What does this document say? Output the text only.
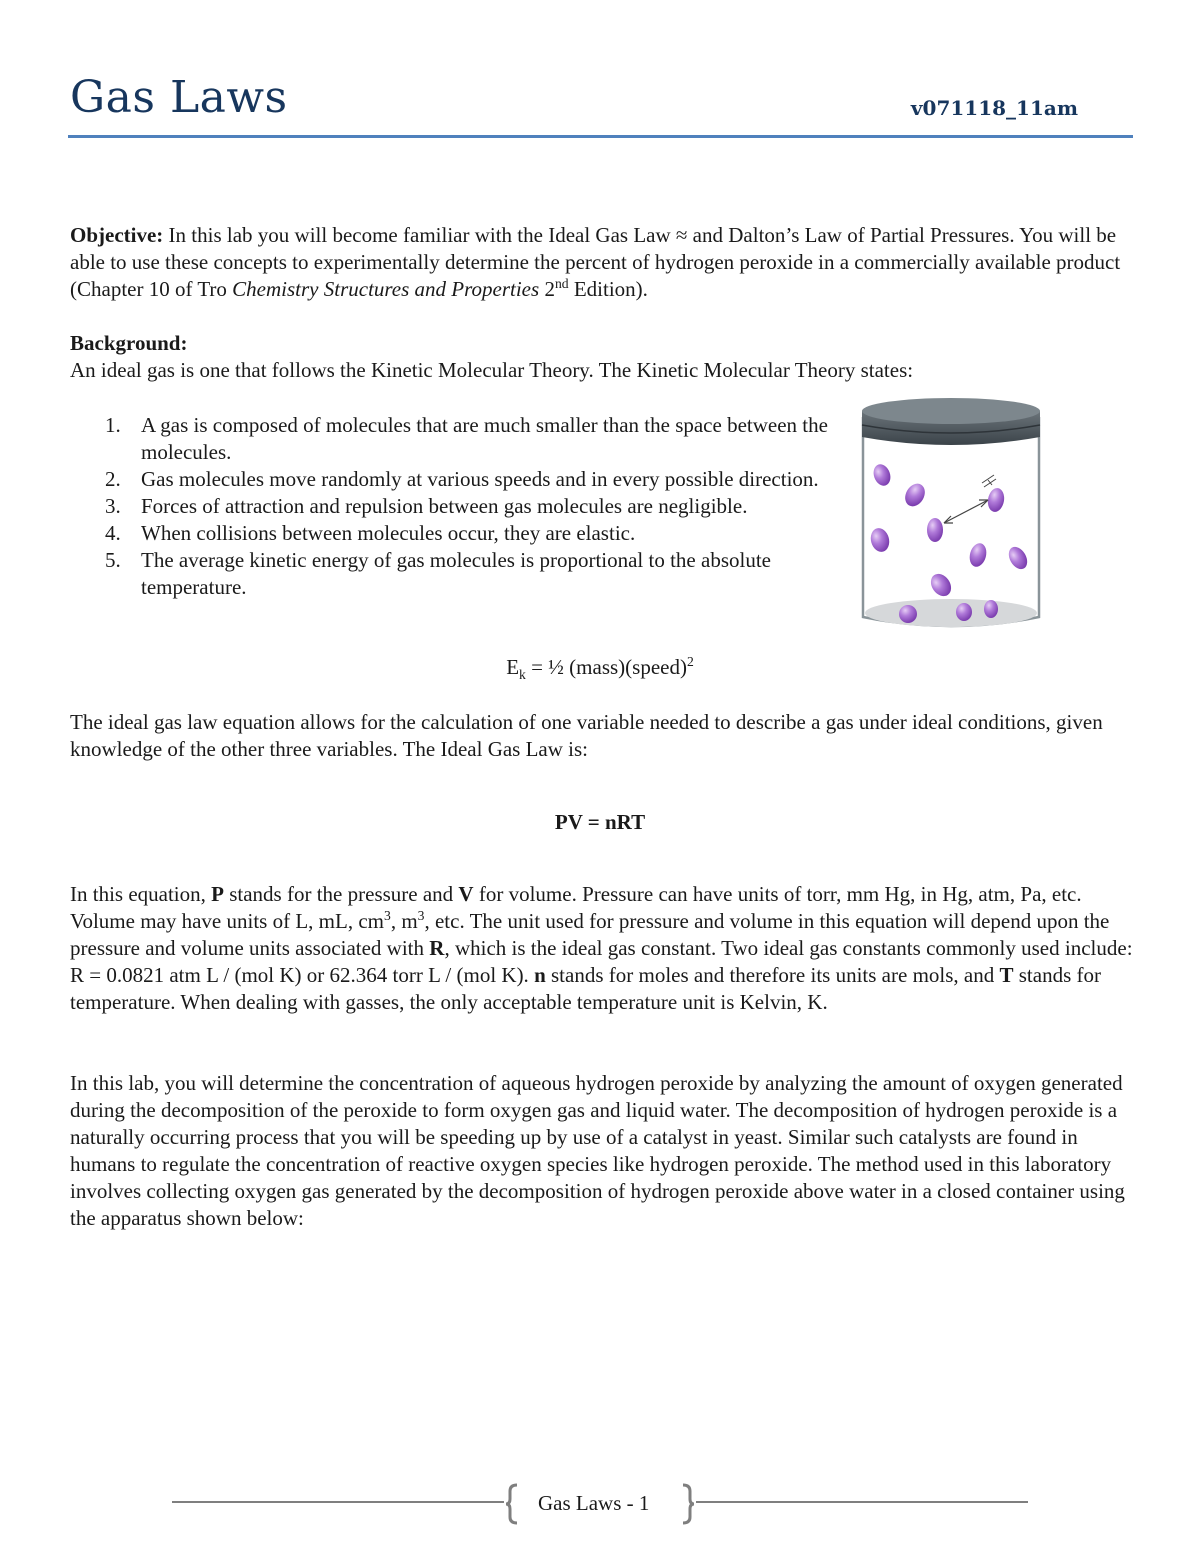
Gas Laws	v071118_11am

Objective: In this lab you will become familiar with the Ideal Gas Law ≈ and Dalton’s Law of Partial Pressures. You will be able to use these concepts to experimentally determine the percent of hydrogen peroxide in a commercially available product (Chapter 10 of Tro Chemistry Structures and Properties 2nd Edition).

Background:

An ideal gas is one that follows the Kinetic Molecular Theory. The Kinetic Molecular Theory states:

1. A gas is composed of molecules that are much smaller than the space between the molecules.
2. Gas molecules move randomly at various speeds and in every possible direction.
3. Forces of attraction and repulsion between gas molecules are negligible.
4. When collisions between molecules occur, they are elastic.
5. The average kinetic energy of gas molecules is proportional to the absolute temperature.
$E_k$ = ½ (mass)(speed)$^2$

The ideal gas law equation allows for the calculation of one variable needed to describe a gas under ideal conditions, given knowledge of the other three variables. The Ideal Gas Law is:

PV = nRT

In this equation, P stands for the pressure and V for volume. Pressure can have units of torr, mm Hg, in Hg, atm, Pa, etc. Volume may have units of L, mL, $cm^3$, $m^3$, etc. The unit used for pressure and volume in this equation will depend upon the pressure and volume units associated with R, which is the ideal gas constant. Two ideal gas constants commonly used include: R = 0.0821 atm L / (mol K) or 62.364 torr L / (mol K). n stands for moles and therefore its units are mols, and T stands for temperature. When dealing with gasses, the only acceptable temperature unit is Kelvin, K.

In this lab, you will determine the concentration of aqueous hydrogen peroxide by analyzing the amount of oxygen generated during the decomposition of the peroxide to form oxygen gas and liquid water. The decomposition of hydrogen peroxide is a naturally occurring process that you will be speeding up by use of a catalyst in yeast. Similar such catalysts are found in humans to regulate the concentration of reactive oxygen species like hydrogen peroxide. The method used in this laboratory involves collecting oxygen gas generated by the decomposition of hydrogen peroxide above water in a closed container using the apparatus shown below:

Gas Laws - 1
